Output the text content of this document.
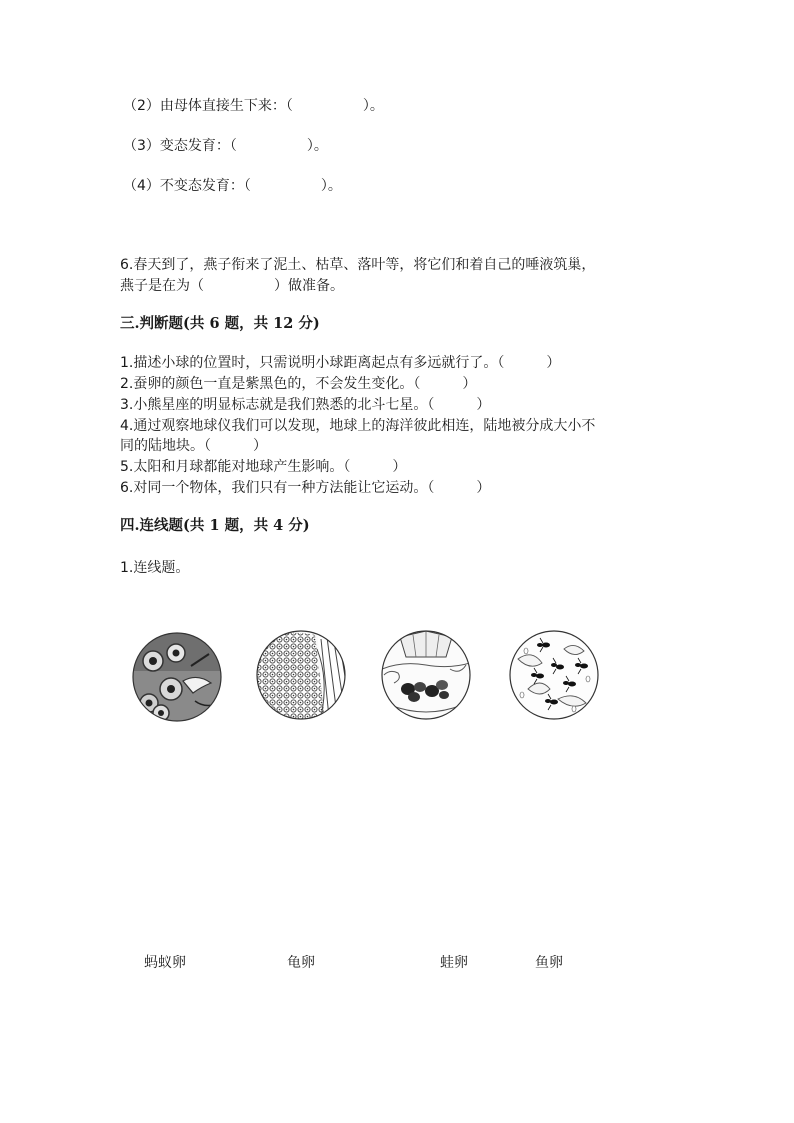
（2）由母体直接生下来：（　　　　　）。
（3）变态发育：（　　　　　）。
（4）不变态发育：（　　　　　）。
6.春天到了，燕子衔来了泥土、枯草、落叶等，将它们和着自己的唾液筑巢，
燕子是在为（　　　　　）做准备。
三.判断题(共 6 题，共 12 分)
1.描述小球的位置时，只需说明小球距离起点有多远就行了。（　　　）
2.蚕卵的颜色一直是紫黑色的，不会发生变化。（　　　）
3.小熊星座的明显标志就是我们熟悉的北斗七星。（　　　）
4.通过观察地球仪我们可以发现，地球上的海洋彼此相连，陆地被分成大小不
同的陆地块。（　　　）
5.太阳和月球都能对地球产生影响。（　　　）
6.对同一个物体，我们只有一种方法能让它运动。（　　　）
四.连线题(共 1 题，共 4 分)
1.连线题。
蚂蚁卵	龟卵	蛙卵	鱼卵
